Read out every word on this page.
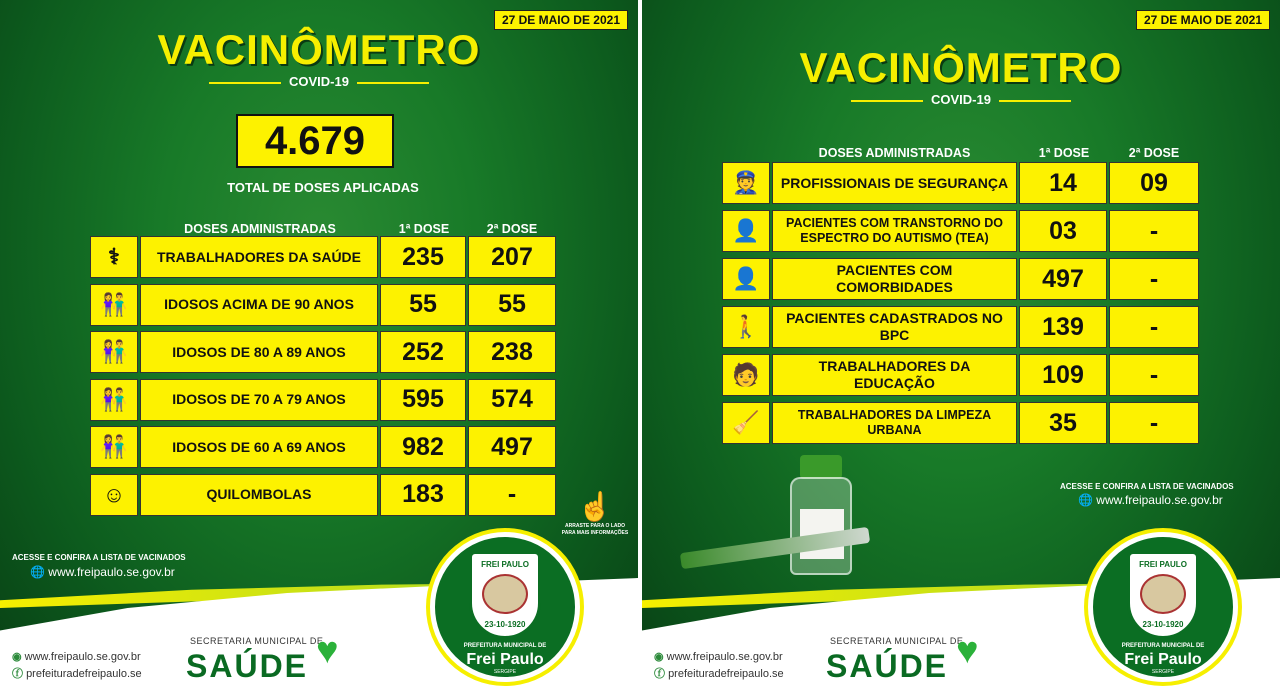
27 DE MAIO DE 2021
VACINÔMETRO
COVID-19
4.679
TOTAL DE DOSES APLICADAS
DOSES ADMINISTRADAS	1ª DOSE	2ª DOSE
⚕	TRABALHADORES DA SAÚDE	235	207
👫	IDOSOS ACIMA DE 90 ANOS	55	55
👫	IDOSOS DE 80 A 89 ANOS	252	238
👫	IDOSOS DE 70 A 79 ANOS	595	574
👫	IDOSOS DE 60 A 69 ANOS	982	497
☺	QUILOMBOLAS	183	-	☝
ARRASTE PARA O LADO PARA MAIS INFORMAÇÕES
ACESSE E CONFIRA A LISTA DE VACINADOS
🌐 www.freipaulo.se.gov.br
◉ www.freipaulo.se.gov.br
ⓕ prefeituradefreipaulo.se
SECRETARIA MUNICIPAL DE
SAÚDE ♥
FREI PAULO
23-10-1920
PREFEITURA MUNICIPAL DE
Frei Paulo
SERGIPE
27 DE MAIO DE 2021
VACINÔMETRO
COVID-19
DOSES ADMINISTRADAS	1ª DOSE	2ª DOSE
👮	PROFISSIONAIS DE SEGURANÇA	14	09
👤	PACIENTES COM TRANSTORNO DO ESPECTRO DO AUTISMO (TEA)	03	-
👤	PACIENTES COM COMORBIDADES	497	-
🚶	PACIENTES CADASTRADOS NO BPC	139	-
🧑	TRABALHADORES DA EDUCAÇÃO	109	-
🧹	TRABALHADORES DA LIMPEZA URBANA	35	-
ACESSE E CONFIRA A LISTA DE VACINADOS
🌐 www.freipaulo.se.gov.br
◉ www.freipaulo.se.gov.br
ⓕ prefeituradefreipaulo.se
SECRETARIA MUNICIPAL DE
SAÚDE ♥
FREI PAULO
23-10-1920
PREFEITURA MUNICIPAL DE
Frei Paulo
SERGIPE
